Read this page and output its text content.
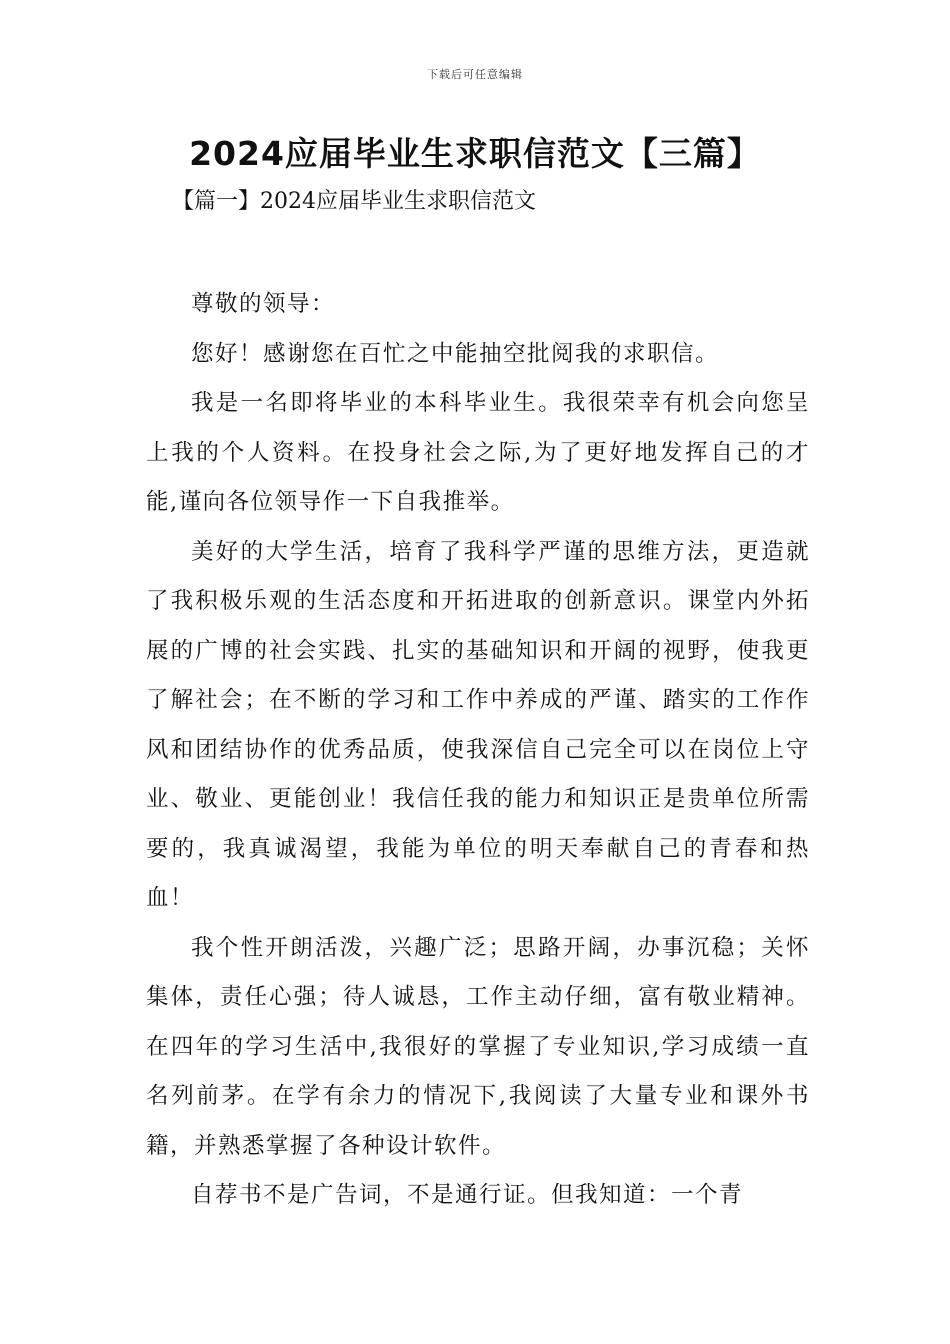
下载后可任意编辑
2024应届毕业生求职信范文【三篇】
【篇一】2024应届毕业生求职信范文

尊敬的领导：

您好！感谢您在百忙之中能抽空批阅我的求职信。

我是一名即将毕业的本科毕业生。我很荣幸有机会向您呈上我的个人资料。在投身社会之际,为了更好地发挥自己的才能,谨向各位领导作一下自我推举。

美好的大学生活，培育了我科学严谨的思维方法，更造就了我积极乐观的生活态度和开拓进取的创新意识。课堂内外拓展的广博的社会实践、扎实的基础知识和开阔的视野，使我更了解社会；在不断的学习和工作中养成的严谨、踏实的工作作风和团结协作的优秀品质，使我深信自己完全可以在岗位上守业、敬业、更能创业！我信任我的能力和知识正是贵单位所需要的，我真诚渴望，我能为单位的明天奉献自己的青春和热血！

我个性开朗活泼，兴趣广泛；思路开阔，办事沉稳；关怀集体，责任心强；待人诚恳，工作主动仔细，富有敬业精神。在四年的学习生活中,我很好的掌握了专业知识,学习成绩一直名列前茅。在学有余力的情况下,我阅读了大量专业和课外书籍，并熟悉掌握了各种设计软件。

自荐书不是广告词，不是通行证。但我知道：一个青
